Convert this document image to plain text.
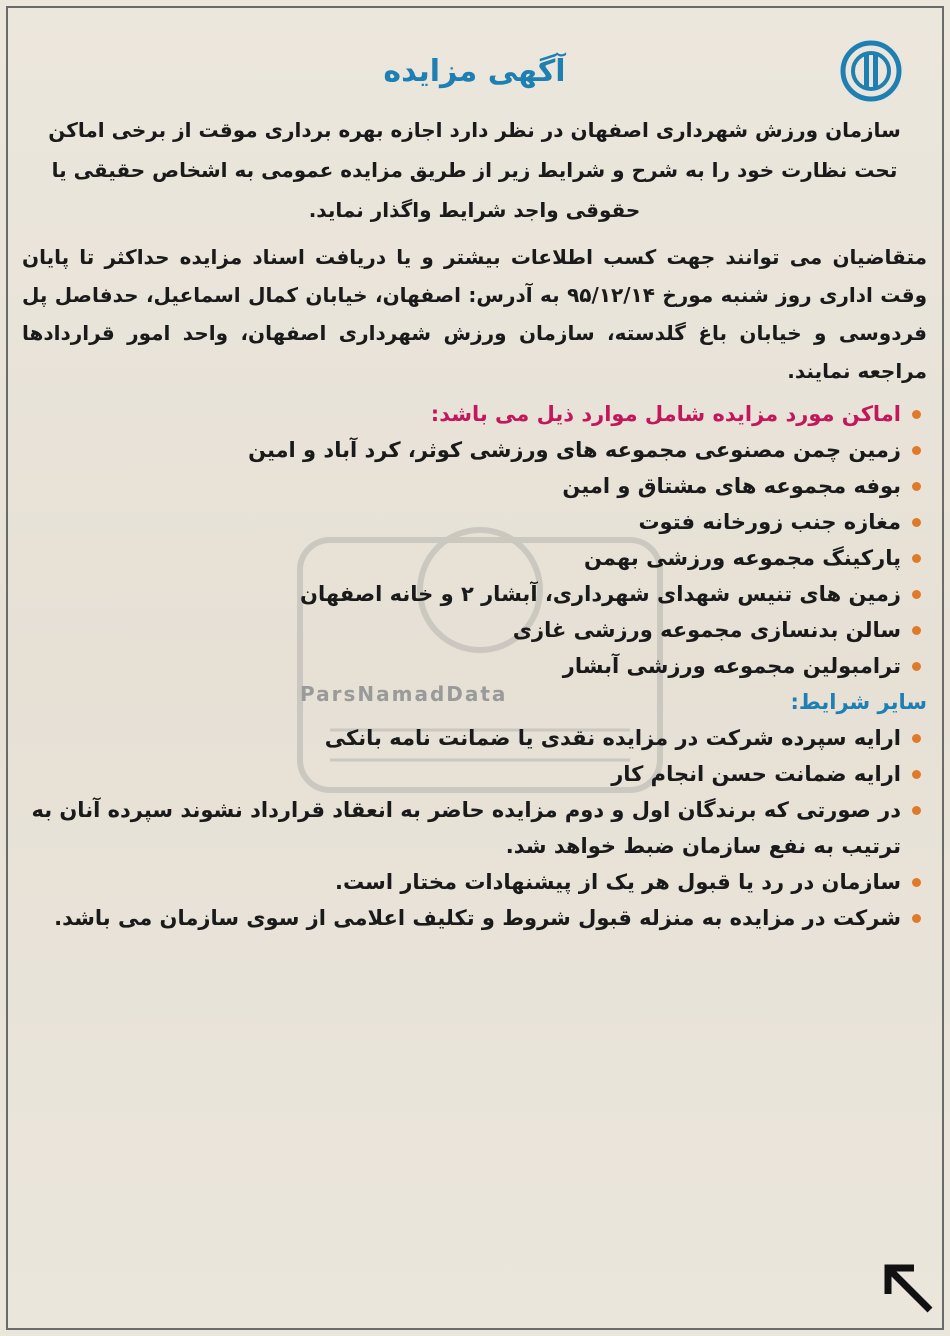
ParsNamadData
آگهی مزایده

سازمان ورزش شهرداری اصفهان در نظر دارد اجازه بهره برداری موقت از برخی اماکن تحت نظارت خود را به شرح و شرایط زیر از طریق مزایده عمومی به اشخاص حقیقی یا حقوقی واجد شرایط واگذار نماید.

متقاضیان می توانند جهت کسب اطلاعات بیشتر و یا دریافت اسناد مزایده حداکثر تا پایان وقت اداری روز شنبه مورخ ۹۵/۱۲/۱۴ به آدرس: اصفهان، خیابان کمال اسماعیل، حدفاصل پل فردوسی و خیابان باغ گلدسته، سازمان ورزش شهرداری اصفهان، واحد امور قراردادها مراجعه نمایند.

اماکن مورد مزایده شامل موارد ذیل می باشد:

زمین چمن مصنوعی مجموعه های ورزشی کوثر، کرد آباد و امین
بوفه مجموعه های مشتاق و امین
مغازه جنب زورخانه فتوت
پارکینگ مجموعه ورزشی بهمن
زمین های تنیس شهدای شهرداری، آبشار ۲ و خانه اصفهان
سالن بدنسازی مجموعه ورزشی غازی
ترامبولین مجموعه ورزشی آبشار

سایر شرایط:

ارایه سپرده شرکت در مزایده نقدی یا ضمانت نامه بانکی
ارایه ضمانت حسن انجام کار
در صورتی که برندگان اول و دوم مزایده حاضر به انعقاد قرارداد نشوند سپرده آنان به ترتیب به نفع سازمان ضبط خواهد شد.
سازمان در رد یا قبول هر یک از پیشنهادات مختار است.
شرکت در مزایده به منزله قبول شروط و تکلیف اعلامی از سوی سازمان می باشد.
